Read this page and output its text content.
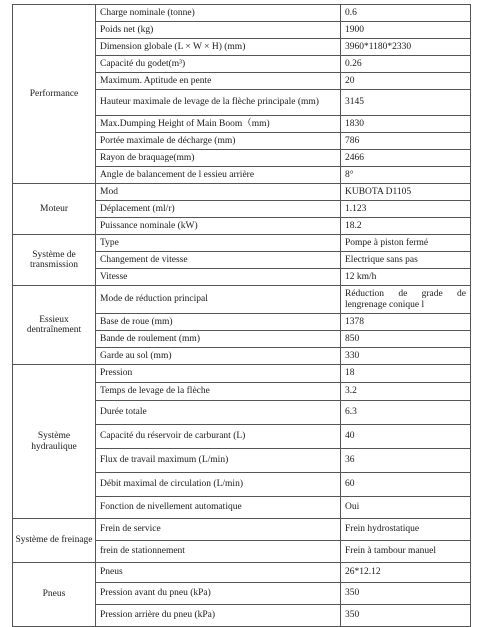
Performance	Charge nominale (tonne)	0.6
	Poids net (kg)	1900
	Dimension globale (L × W × H) (mm)	3960*1180*2330
	Capacité du godet(m³)	0.26
	Maximum. Aptitude en pente	20
	Hauteur maximale de levage de la flèche principale (mm)	3145
	Max.Dumping Height of Main Boom（mm)	1830
	Portée maximale de décharge (mm)	786
	Rayon de braquage(mm)	2466
	Angle de balancement de l essieu arrière	8°
Moteur	Mod	KUBOTA D1105
	Déplacement (ml/r)	1.123
	Puissance nominale (kW)	18.2
Système de transmission	Type	Pompe à piston fermé
	Changement de vitesse	Electrique sans pas
	Vitesse	12 km/h
Essieux dentraînement	Mode de réduction principal	Réduction de grade de lengrenage conique l
	Base de roue (mm)	1378
	Bande de roulement (mm)	850
	Garde au sol (mm)	330
Système hydraulique	Pression	18
	Temps de levage de la flèche	3.2
	Durée totale	6.3
	Capacité du réservoir de carburant (L)	40
	Flux de travail maximum (L/min)	36
	Débit maximal de circulation (L/min)	60
	Fonction de nivellement automatique	Oui
Système de freinage	Frein de service	Frein hydrostatique
	frein de stationnement	Frein à tambour manuel
Pneus	Pneus	26*12.12
	Pression avant du pneu (kPa)	350
	Pression arrière du pneu (kPa)	350
